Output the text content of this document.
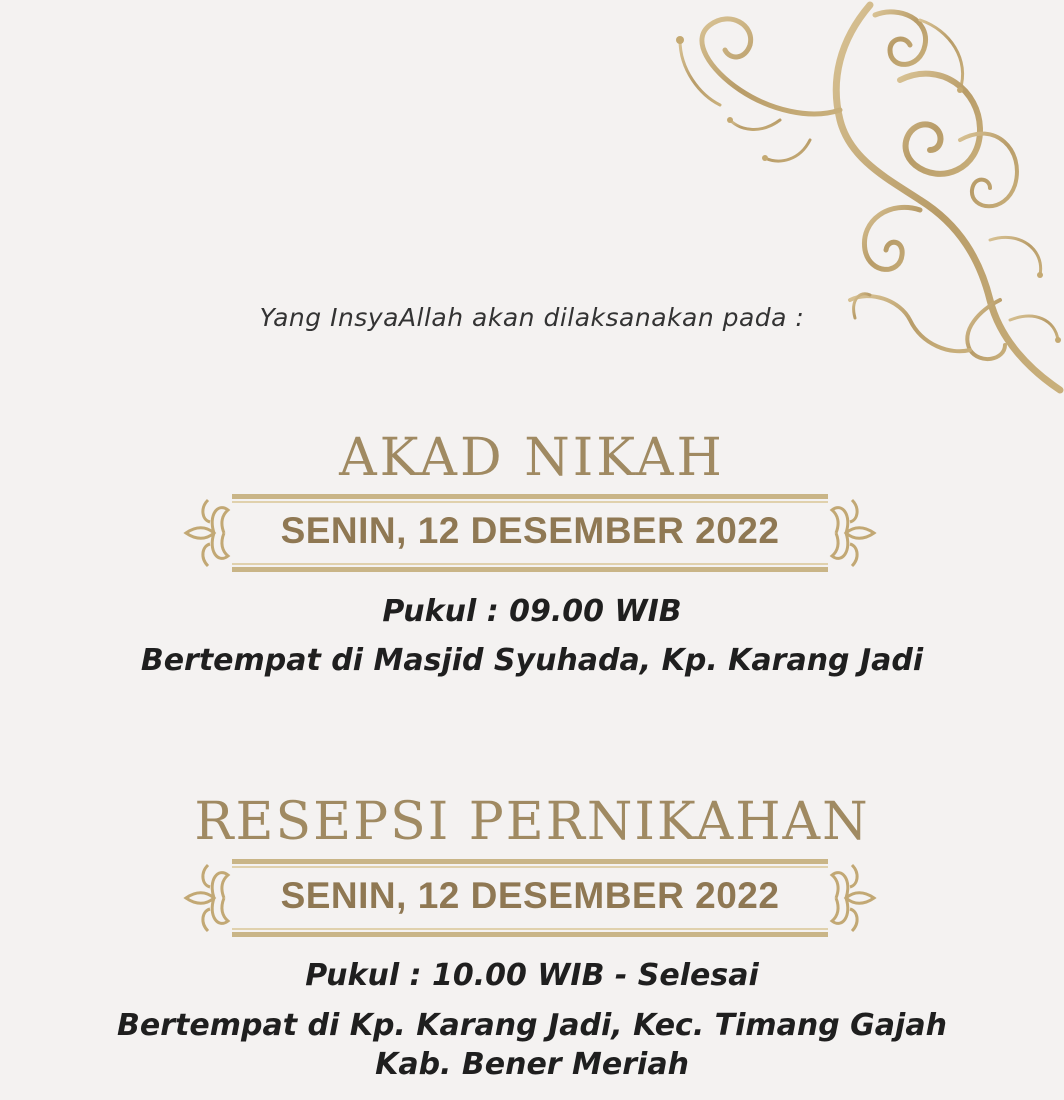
Yang InsyaAllah akan dilaksanakan pada :
AKAD NIKAH
SENIN, 12 DESEMBER 2022
Pukul : 09.00 WIB
Bertempat di Masjid Syuhada, Kp. Karang Jadi
RESEPSI PERNIKAHAN
SENIN, 12 DESEMBER 2022
Pukul : 10.00 WIB - Selesai
Bertempat di Kp. Karang Jadi, Kec. Timang Gajah
Kab. Bener Meriah
